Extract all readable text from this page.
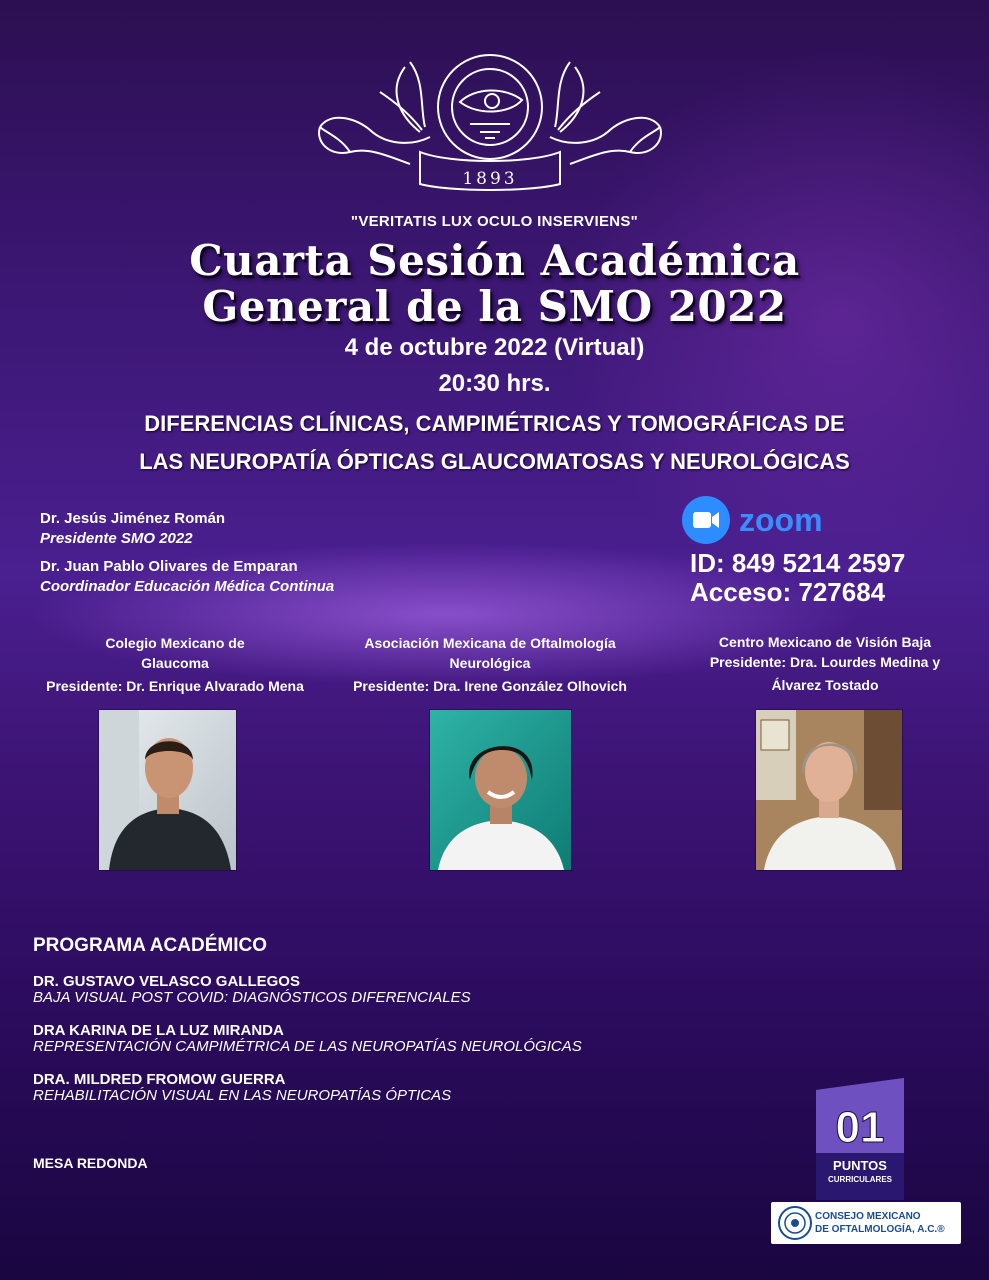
1893
"VERITATIS LUX OCULO INSERVIENS"
Cuarta Sesión Académica
General de la SMO 2022
4 de octubre 2022 (Virtual)
20:30 hrs.
DIFERENCIAS CLÍNICAS, CAMPIMÉTRICAS Y TOMOGRÁFICAS DE
LAS NEUROPATÍA ÓPTICAS GLAUCOMATOSAS Y NEUROLÓGICAS
Dr. Jesús Jiménez Román
Presidente SMO 2022
Dr. Juan Pablo Olivares de Emparan
Coordinador Educación Médica Continua
zoom
ID: 849 5214 2597
Acceso: 727684
Colegio Mexicano de
Glaucoma
Presidente: Dr. Enrique Alvarado Mena
Asociación Mexicana de Oftalmología
Neurológica
Presidente: Dra. Irene González Olhovich
Centro Mexicano de Visión Baja
Presidente: Dra. Lourdes Medina y
Álvarez Tostado
PROGRAMA ACADÉMICO
DR. GUSTAVO VELASCO GALLEGOS
BAJA VISUAL POST COVID: DIAGNÓSTICOS DIFERENCIALES
DRA KARINA DE LA LUZ MIRANDA
REPRESENTACIÓN CAMPIMÉTRICA DE LAS NEUROPATÍAS NEUROLÓGICAS
DRA. MILDRED FROMOW GUERRA
REHABILITACIÓN VISUAL EN LAS NEUROPATÍAS ÓPTICAS
MESA REDONDA
01
PUNTOS
CURRICULARES
CONSEJO MEXICANO
DE OFTALMOLOGÍA, A.C.®
